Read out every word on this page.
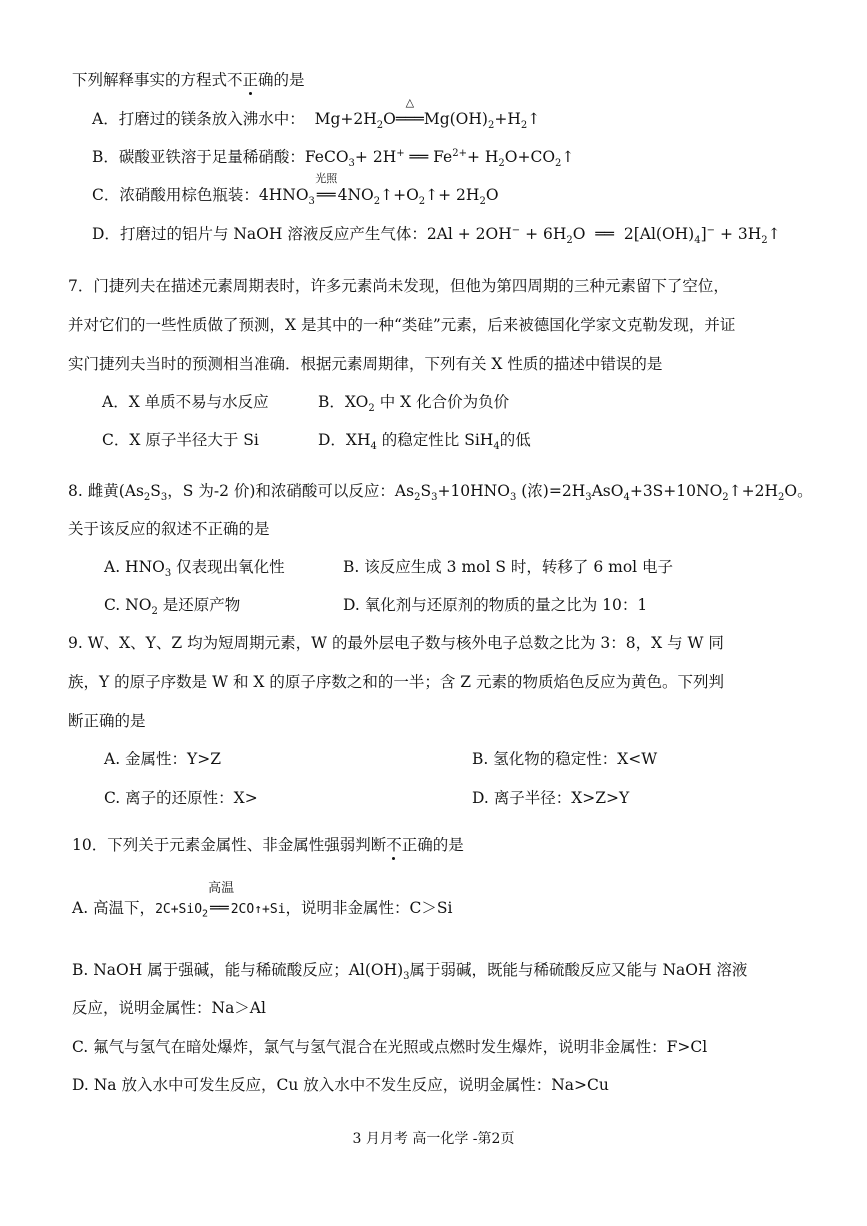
下列解释事实的方程式不正确的是
A．打磨过的镁条放入沸水中： $Mg+2H_2O$
△
$═══Mg(OH)_2+H_2↑$
B．碳酸亚铁溶于足量稀硝酸：FeCO$_3$+ 2H+ ══ $Fe^{2+}+$ $H_2O+CO_2↑$
C．浓硝酸用棕色瓶装：$4HNO_3$
光照
══ $4NO_2↑+O_2↑+ 2H_2O$
D．打磨过的铝片与 NaOH 溶液反应产生气体：$2Al + 2OH^- + 6H_2O$  ══  $2[Al(OH)_4]^-$ + $3H_2↑$
7．门捷列夫在描述元素周期表时，许多元素尚未发现，但他为第四周期的三种元素留下了空位，
并对它们的一些性质做了预测，X 是其中的一种“类硅”元素，后来被德国化学家文克勒发现，并证
实门捷列夫当时的预测相当准确．根据元素周期律，下列有关 X 性质的描述中错误的是
A．X 单质不易与水反应	B．$XO_2$ 中 X 化合价为负价
C．X 原子半径大于 Si	D．$XH_4$ 的稳定性比 SiH$_4$的低
8. 雌黄($As_2S_3$，S 为-2 价)和浓硝酸可以反应：$As_2S_3+10HNO_3$ (浓)$=2H_3AsO_4+3S+10NO_2↑+2H_2O$。
关于该反应的叙述不正确的是
A. $HNO_3$ 仅表现出氧化性	B. 该反应生成 3 mol S 时，转移了 6 mol 电子
C. $NO_2$ 是还原产物	D. 氧化剂与还原剂的物质的量之比为 10：1
9. W、X、Y、Z 均为短周期元素，W 的最外层电子数与核外电子总数之比为 3：8，X 与 W 同
族，Y 的原子序数是 W 和 X 的原子序数之和的一半；含 Z 元素的物质焰色反应为黄色。下列判
断正确的是
A. 金属性：Y>Z	B. 氢化物的稳定性：X<W
C. 离子的还原性：X>	D. 离子半径：X>Z>Y
10．下列关于元素金属性、非金属性强弱判断不正确的是
A. 高温下，2C+SiO$_2$
高温
══ 2CO↑+Si，说明非金属性：C＞Si
B. NaOH 属于强碱，能与稀硫酸反应；$Al(OH)_3$属于弱碱，既能与稀硫酸反应又能与 NaOH 溶液
反应，说明金属性：Na＞Al
C. 氟气与氢气在暗处爆炸，氯气与氢气混合在光照或点燃时发生爆炸，说明非金属性：F>Cl
D. Na 放入水中可发生反应，Cu 放入水中不发生反应，说明金属性：Na>Cu
3 月月考 高一化学 -第2页
